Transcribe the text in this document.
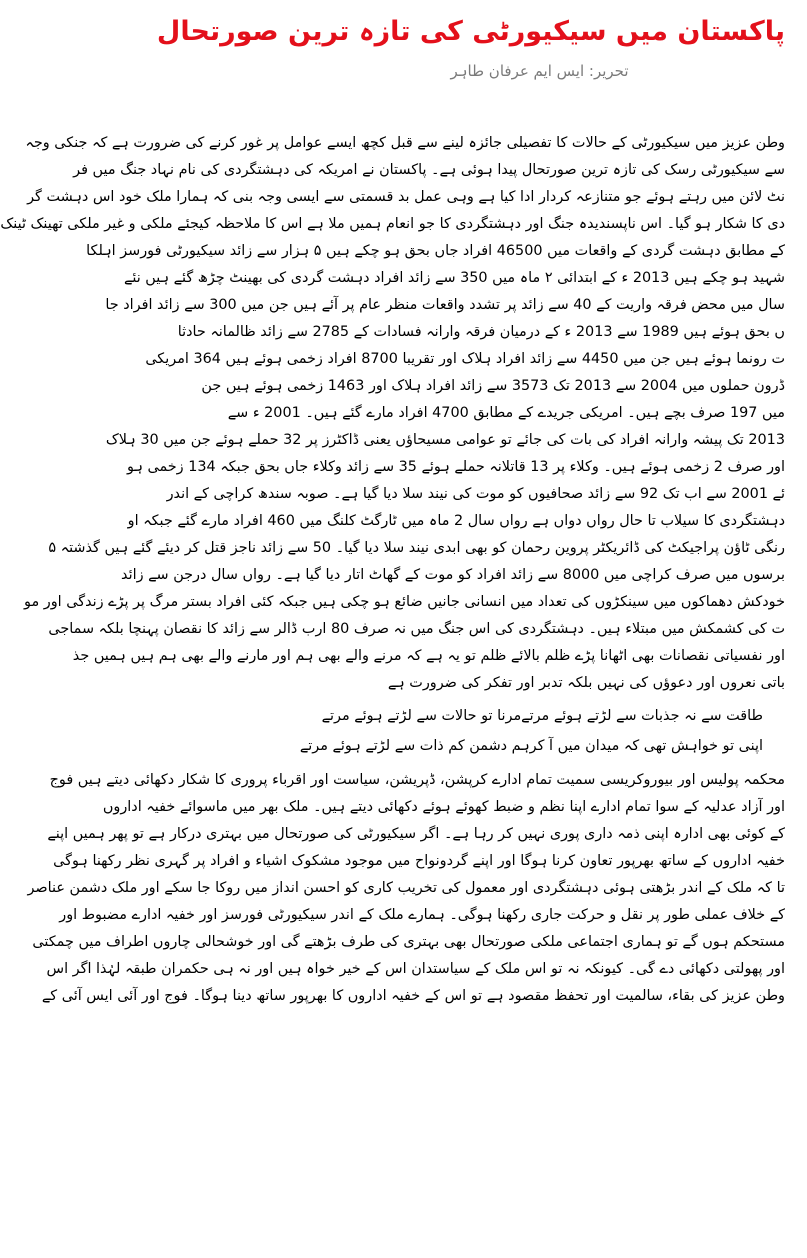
پاکستان میں سیکیورٹی کی تازہ ترین صورتحال
تحریر: ایس ایم عرفان طاہر
وطن عزیز میں سیکیورٹی کے حالات کا تفصیلی جائزہ لینے سے قبل کچھ ایسے عوامل پر غور کرنے کی ضرورت ہے کہ جنکی وجہ
سے سیکیورٹی رسک کی تازہ ترین صورتحال پیدا ہوئی ہے۔ پاکستان نے امریکہ کی دہشتگردی کی نام نہاد جنگ میں فر
نٹ لائن میں رہتے ہوئے جو متنازعہ کردار ادا کیا ہے وہی عمل بد قسمتی سے ایسی وجہ بنی کہ ہمارا ملک خود اس دہشت گر
دی کا شکار ہو گیا۔ اس ناپسندیدہ جنگ اور دہشتگردی کا جو انعام ہمیں ملا ہے اس کا ملاحظہ کیجئے ملکی و غیر ملکی تھینک ٹینک
کے مطابق دہشت گردی کے واقعات میں 46500 افراد جاں بحق ہو چکے ہیں ۵ ہزار سے زائد سیکیورٹی فورسز اہلکا
شہید ہو چکے ہیں 2013 ء کے ابتدائی ۲ ماہ میں 350 سے زائد افراد دہشت گردی کی بھینٹ چڑھ گئے ہیں نئے
سال میں محض فرقہ واریت کے 40 سے زائد پر تشدد واقعات منظر عام پر آئے ہیں جن میں 300 سے زائد افراد جا
ں بحق ہوئے ہیں 1989 سے 2013 ء کے درمیان فرقہ وارانہ فسادات کے 2785 سے زائد ظالمانہ حادثا
ت رونما ہوئے ہیں جن میں 4450 سے زائد افراد ہلاک اور تقریبا 8700 افراد زخمی ہوئے ہیں 364 امریکی
ڈرون حملوں میں 2004 سے 2013 تک 3573 سے زائد افراد ہلاک اور 1463 زخمی ہوئے ہیں جن
میں 197 صرف بچے ہیں۔ امریکی جریدے کے مطابق 4700 افراد مارے گئے ہیں۔ 2001 ء سے
2013 تک پیشہ وارانہ افراد کی بات کی جائے تو عوامی مسیحاؤں یعنی ڈاکٹرز پر 32 حملے ہوئے جن میں 30 ہلاک
اور صرف 2 زخمی ہوئے ہیں۔ وکلاء پر 13 قاتلانہ حملے ہوئے 35 سے زائد وکلاء جاں بحق جبکہ 134 زخمی ہو
ئے 2001 سے اب تک 92 سے زائد صحافیوں کو موت کی نیند سلا دیا گیا ہے۔ صوبہ سندھ کراچی کے اندر
دہشتگردی کا سیلاب تا حال رواں دواں ہے رواں سال 2 ماہ میں ٹارگٹ کلنگ میں 460 افراد مارے گئے جبکہ او
رنگی ٹاؤن پراجیکٹ کی ڈائریکٹر پروین رحمان کو بھی ابدی نیند سلا دیا گیا۔ 50 سے زائد ناجز قتل کر دیئے گئے ہیں گذشتہ ۵
برسوں میں صرف کراچی میں 8000 سے زائد افراد کو موت کے گھاٹ اتار دیا گیا ہے۔ رواں سال درجن سے زائد
خودکش دھماکوں میں سینکڑوں کی تعداد میں انسانی جانیں ضائع ہو چکی ہیں جبکہ کئی افراد بستر مرگ پر پڑے زندگی اور مو
ت کی کشمکش میں مبتلاء ہیں۔ دہشتگردی کی اس جنگ میں نہ صرف 80 ارب ڈالر سے زائد کا نقصان پہنچا بلکہ سماجی
اور نفسیاتی نقصانات بھی اٹھانا پڑے ظلم بالائے ظلم تو یہ ہے کہ مرنے والے بھی ہم اور مارنے والے بھی ہم ہیں ہمیں جذ
باتی نعروں اور دعوؤں کی نہیں بلکہ تدبر اور تفکر کی ضرورت ہے
طاقت سے نہ جذبات سے لڑتے ہوئے مرتے
مرنا تو حالات سے لڑتے ہوئے مرتے
اپنی تو خواہش تھی کہ میدان میں آ کر
ہم دشمن کم ذات سے لڑتے ہوئے مرتے
محکمہ پولیس اور بیوروکریسی سمیت تمام ادارے کرپشن، ڈپریشن، سیاست اور اقرباء پروری کا شکار دکھائی دیتے ہیں فوج
اور آزاد عدلیہ کے سوا تمام ادارے اپنا نظم و ضبط کھوئے ہوئے دکھائی دیتے ہیں۔ ملک بھر میں ماسوائے خفیہ اداروں
کے کوئی بھی ادارہ اپنی ذمہ داری پوری نہیں کر رہا ہے۔ اگر سیکیورٹی کی صورتحال میں بہتری درکار ہے تو پھر ہمیں اپنے
خفیہ اداروں کے ساتھ بھرپور تعاون کرنا ہوگا اور اپنے گردونواح میں موجود مشکوک اشیاء و افراد پر گہری نظر رکھنا ہوگی
تا کہ ملک کے اندر بڑھتی ہوئی دہشتگردی اور معمول کی تخریب کاری کو احسن انداز میں روکا جا سکے اور ملک دشمن عناصر
کے خلاف عملی طور پر نقل و حرکت جاری رکھنا ہوگی۔ ہمارے ملک کے اندر سیکیورٹی فورسز اور خفیہ ادارے مضبوط اور
مستحکم ہوں گے تو ہماری اجتماعی ملکی صورتحال بھی بہتری کی طرف بڑھتے گی اور خوشحالی چاروں اطراف میں چمکتی
اور پھولتی دکھائی دے گی۔ کیونکہ نہ تو اس ملک کے سیاستدان اس کے خیر خواہ ہیں اور نہ ہی حکمران طبقہ لہٰذا اگر اس
وطن عزیز کی بقاء، سالمیت اور تحفظ مقصود ہے تو اس کے خفیہ اداروں کا بھرپور ساتھ دینا ہوگا۔ فوج اور آئی ایس آئی کے
